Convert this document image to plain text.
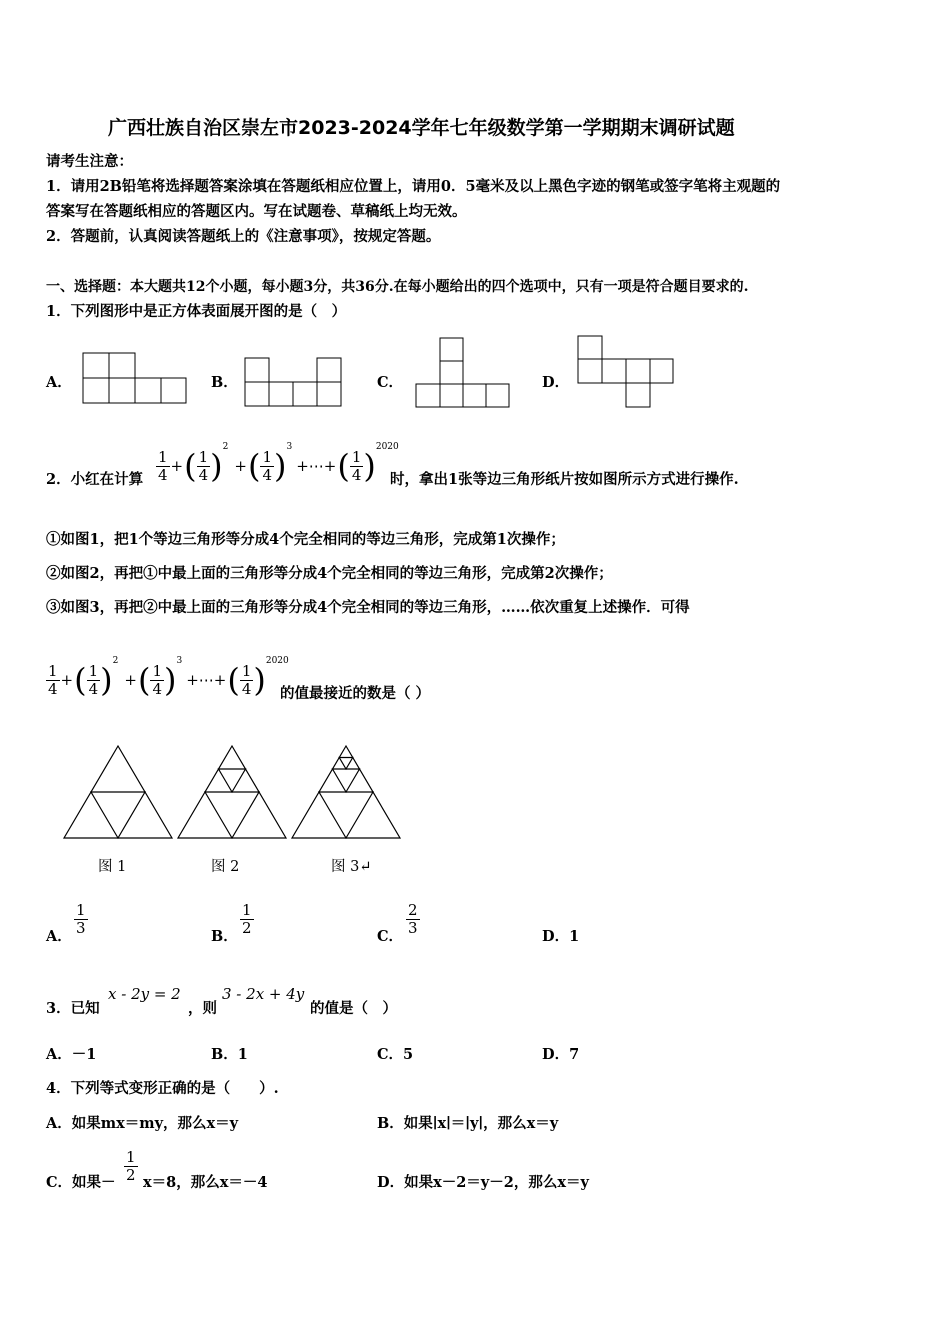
广西壮族自治区崇左市2023-2024学年七年级数学第一学期期末调研试题
请考生注意：
1．请用2B铅笔将选择题答案涂填在答题纸相应位置上，请用0．5毫米及以上黑色字迹的钢笔或签字笔将主观题的
答案写在答题纸相应的答题区内。写在试题卷、草稿纸上均无效。
2．答题前，认真阅读答题纸上的《注意事项》，按规定答题。
一、选择题：本大题共12个小题，每小题3分，共36分.在每小题给出的四个选项中，只有一项是符合题目要求的.
1．下列图形中是正方体表面展开图的是（　）
A．	B．	C．	D．
2．小红在计算 $\frac{1}{4}$ +( $\frac{1}{4} )^2+( \frac{1}{4}$ )$^3+\cdots+( \frac{1}{4} )^{2020}$
时，拿出1张等边三角形纸片按如图所示方式进行操作.
①如图1，把1个等边三角形等分成4个完全相同的等边三角形，完成第1次操作；
②如图2，再把①中最上面的三角形等分成4个完全相同的等边三角形，完成第2次操作；
③如图3，再把②中最上面的三角形等分成4个完全相同的等边三角形，……依次重复上述操作．可得
$\frac{1}{4}$ +( $\frac{1}{4} )^2+( \frac{1}{4}$ )$^3+\cdots+( \frac{1}{4} )^{2020}$
的值最接近的数是（ ）
图 1	图 2	图 3↵
A． $\frac{1}{3}$	B． $\frac{1}{2}$	C． $\frac{2}{3}$	D．1
3．已知
x - 2y = 2
，则
3 - 2x + 4y
的值是（　）
A．－1	B．1	C．5	D．7
4．下列等式变形正确的是（　　）.
A．如果mx＝my，那么x＝y	B．如果∣x∣＝∣y∣，那么x＝y
C．如果－ $\frac{1}{2} x=8$，那么x＝－4	D．如果x－2＝y－2，那么x＝y
